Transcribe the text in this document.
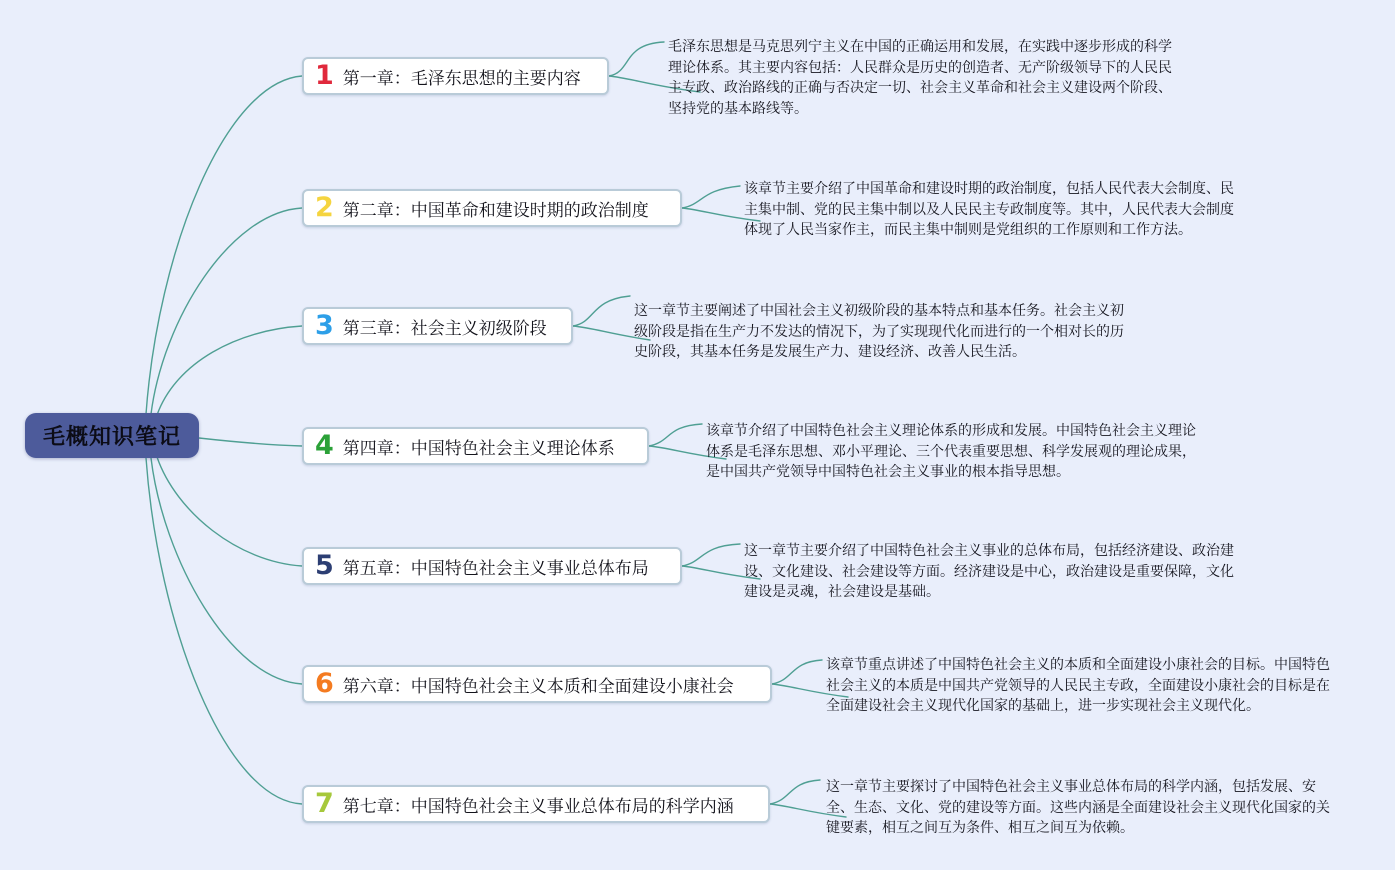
毛概知识笔记
1 第一章：毛泽东思想的主要内容
2 第二章：中国革命和建设时期的政治制度
3 第三章：社会主义初级阶段
4 第四章：中国特色社会主义理论体系
5 第五章：中国特色社会主义事业总体布局
6 第六章：中国特色社会主义本质和全面建设小康社会
7 第七章：中国特色社会主义事业总体布局的科学内涵
毛泽东思想是马克思列宁主义在中国的正确运用和发展，在实践中逐步形成的科学理论体系。其主要内容包括：人民群众是历史的创造者、无产阶级领导下的人民民主专政、政治路线的正确与否决定一切、社会主义革命和社会主义建设两个阶段、坚持党的基本路线等。
该章节主要介绍了中国革命和建设时期的政治制度，包括人民代表大会制度、民主集中制、党的民主集中制以及人民民主专政制度等。其中，人民代表大会制度体现了人民当家作主，而民主集中制则是党组织的工作原则和工作方法。
这一章节主要阐述了中国社会主义初级阶段的基本特点和基本任务。社会主义初级阶段是指在生产力不发达的情况下，为了实现现代化而进行的一个相对长的历史阶段，其基本任务是发展生产力、建设经济、改善人民生活。
该章节介绍了中国特色社会主义理论体系的形成和发展。中国特色社会主义理论体系是毛泽东思想、邓小平理论、三个代表重要思想、科学发展观的理论成果，是中国共产党领导中国特色社会主义事业的根本指导思想。
这一章节主要介绍了中国特色社会主义事业的总体布局，包括经济建设、政治建设、文化建设、社会建设等方面。经济建设是中心，政治建设是重要保障，文化建设是灵魂，社会建设是基础。
该章节重点讲述了中国特色社会主义的本质和全面建设小康社会的目标。中国特色社会主义的本质是中国共产党领导的人民民主专政，全面建设小康社会的目标是在全面建设社会主义现代化国家的基础上，进一步实现社会主义现代化。
这一章节主要探讨了中国特色社会主义事业总体布局的科学内涵，包括发展、安全、生态、文化、党的建设等方面。这些内涵是全面建设社会主义现代化国家的关键要素，相互之间互为条件、相互之间互为依赖。
